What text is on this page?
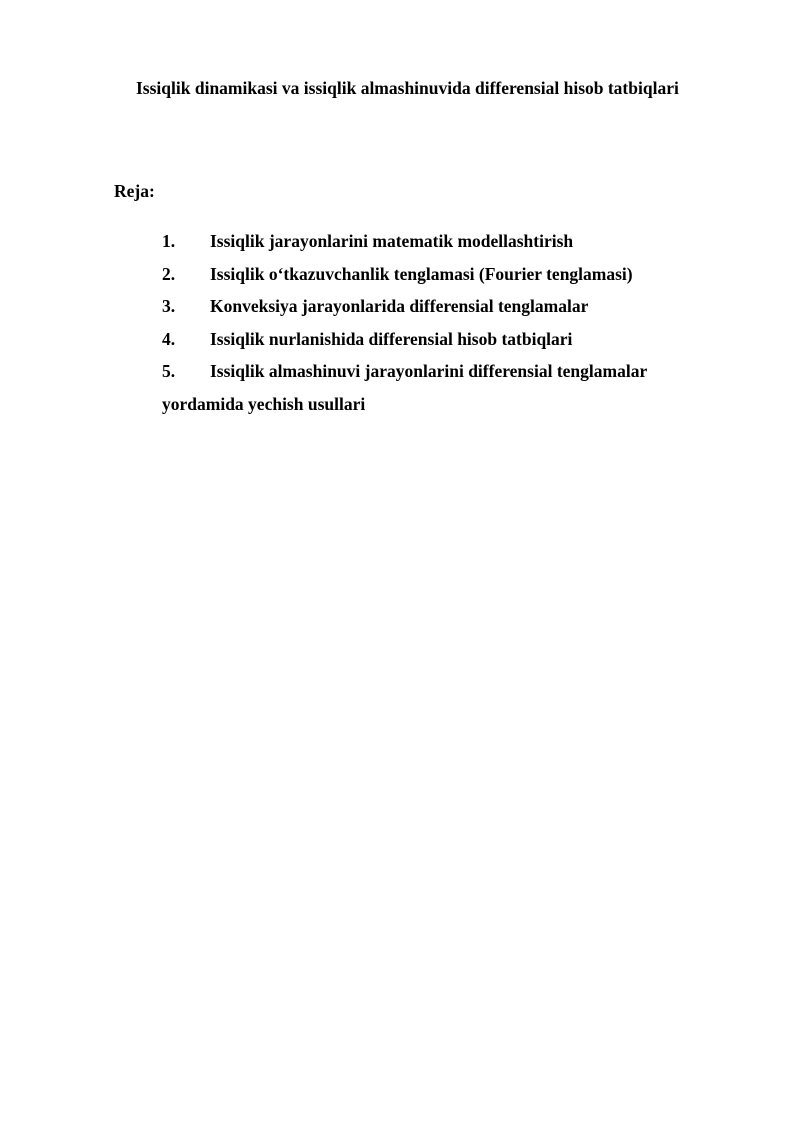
Issiqlik dinamikasi va issiqlik almashinuvida differensial hisob tatbiqlari
Reja:
1. Issiqlik jarayonlarini matematik modellashtirish
2. Issiqlik o‘tkazuvchanlik tenglamasi (Fourier tenglamasi)
3. Konveksiya jarayonlarida differensial tenglamalar
4. Issiqlik nurlanishida differensial hisob tatbiqlari
5. Issiqlik almashinuvi jarayonlarini differensial tenglamalar
yordamida yechish usullari
